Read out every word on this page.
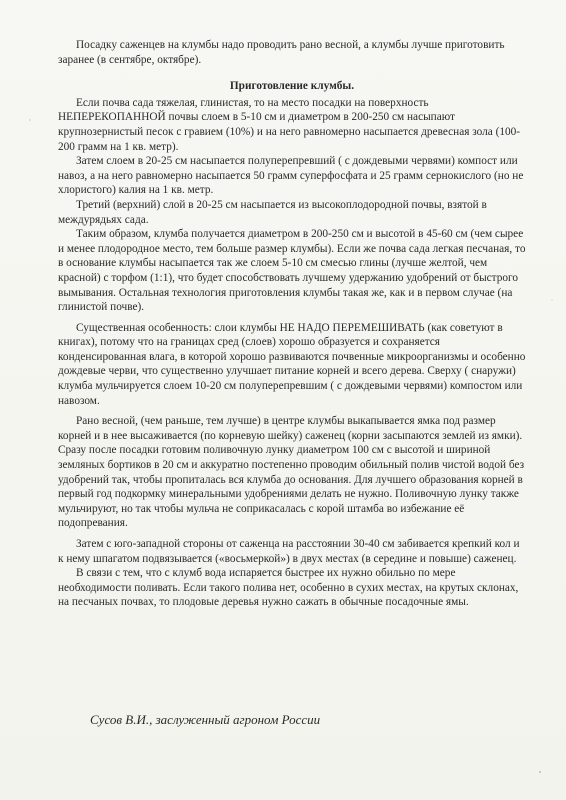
Посадку саженцев на клумбы надо проводить рано весной, а клумбы лучше приготовить заранее (в сентябре, октябре).

Приготовление клумбы.

Если почва сада тяжелая, глинистая, то на место посадки на поверхность НЕПЕРЕКОПАННОЙ почвы слоем в 5-10 см и диаметром в 200-250 см насыпают крупнозернистый песок с гравием (10%) и на него равномерно насыпается древесная зола (100-200 грамм на 1 кв. метр).

Затем слоем в 20-25 см насыпается полуперепревший ( с дождевыми червями) компост или навоз, а на него равномерно насыпается 50 грамм суперфосфата и 25 грамм сернокислого (но не хлористого) калия на 1 кв. метр.

Третий (верхний) слой в 20-25 см насыпается из высокоплодородной почвы, взятой в междурядьях сада.

Таким образом, клумба получается диаметром в 200-250 см и высотой в 45-60 см (чем сырее и менее плодородное место, тем больше размер клумбы). Если же почва сада легкая песчаная, то в основание клумбы насыпается так же слоем 5-10 см смесью глины (лучше желтой, чем красной) с торфом (1:1), что будет способствовать лучшему удержанию удобрений от быстрого вымывания. Остальная технология приготовления клумбы такая же, как и в первом случае (на глинистой почве).

Существенная особенность: слои клумбы НЕ НАДО ПЕРЕМЕШИВАТЬ (как советуют в книгах), потому что на границах сред (слоев) хорошо образуется и сохраняется конденсированная влага, в которой хорошо развиваются почвенные микроорганизмы и особенно дождевые черви, что существенно улучшает питание корней и всего дерева. Сверху ( снаружи) клумба мульчируется слоем 10-20 см полуперепревшим ( с дождевыми червями) компостом или навозом.

Рано весной, (чем раньше, тем лучше) в центре клумбы выкапывается ямка под размер корней и в нее высаживается (по корневую шейку) саженец (корни засыпаются землей из ямки). Сразу после посадки готовим поливочную лунку диаметром 100 см с высотой и шириной земляных бортиков в 20 см и аккуратно постепенно проводим обильный полив чистой водой без удобрений так, чтобы пропиталась вся клумба до основания. Для лучшего образования корней в первый год подкормку минеральными удобрениями делать не нужно. Поливочную лунку также мульчируют, но так чтобы мульча не соприкасалась с корой штамба во избежание её подопревания.

Затем с юго-западной стороны от саженца на расстоянии 30-40 см забивается крепкий кол и к нему шпагатом подвязывается («восьмеркой») в двух местах (в середине и повыше) саженец.

В связи с тем, что с клумб вода испаряется быстрее их нужно обильно по мере необходимости поливать. Если такого полива нет, особенно в сухих местах, на крутых склонах, на песчаных почвах, то плодовые деревья нужно сажать в обычные посадочные ямы.

Сусов В.И., заслуженный агроном России
